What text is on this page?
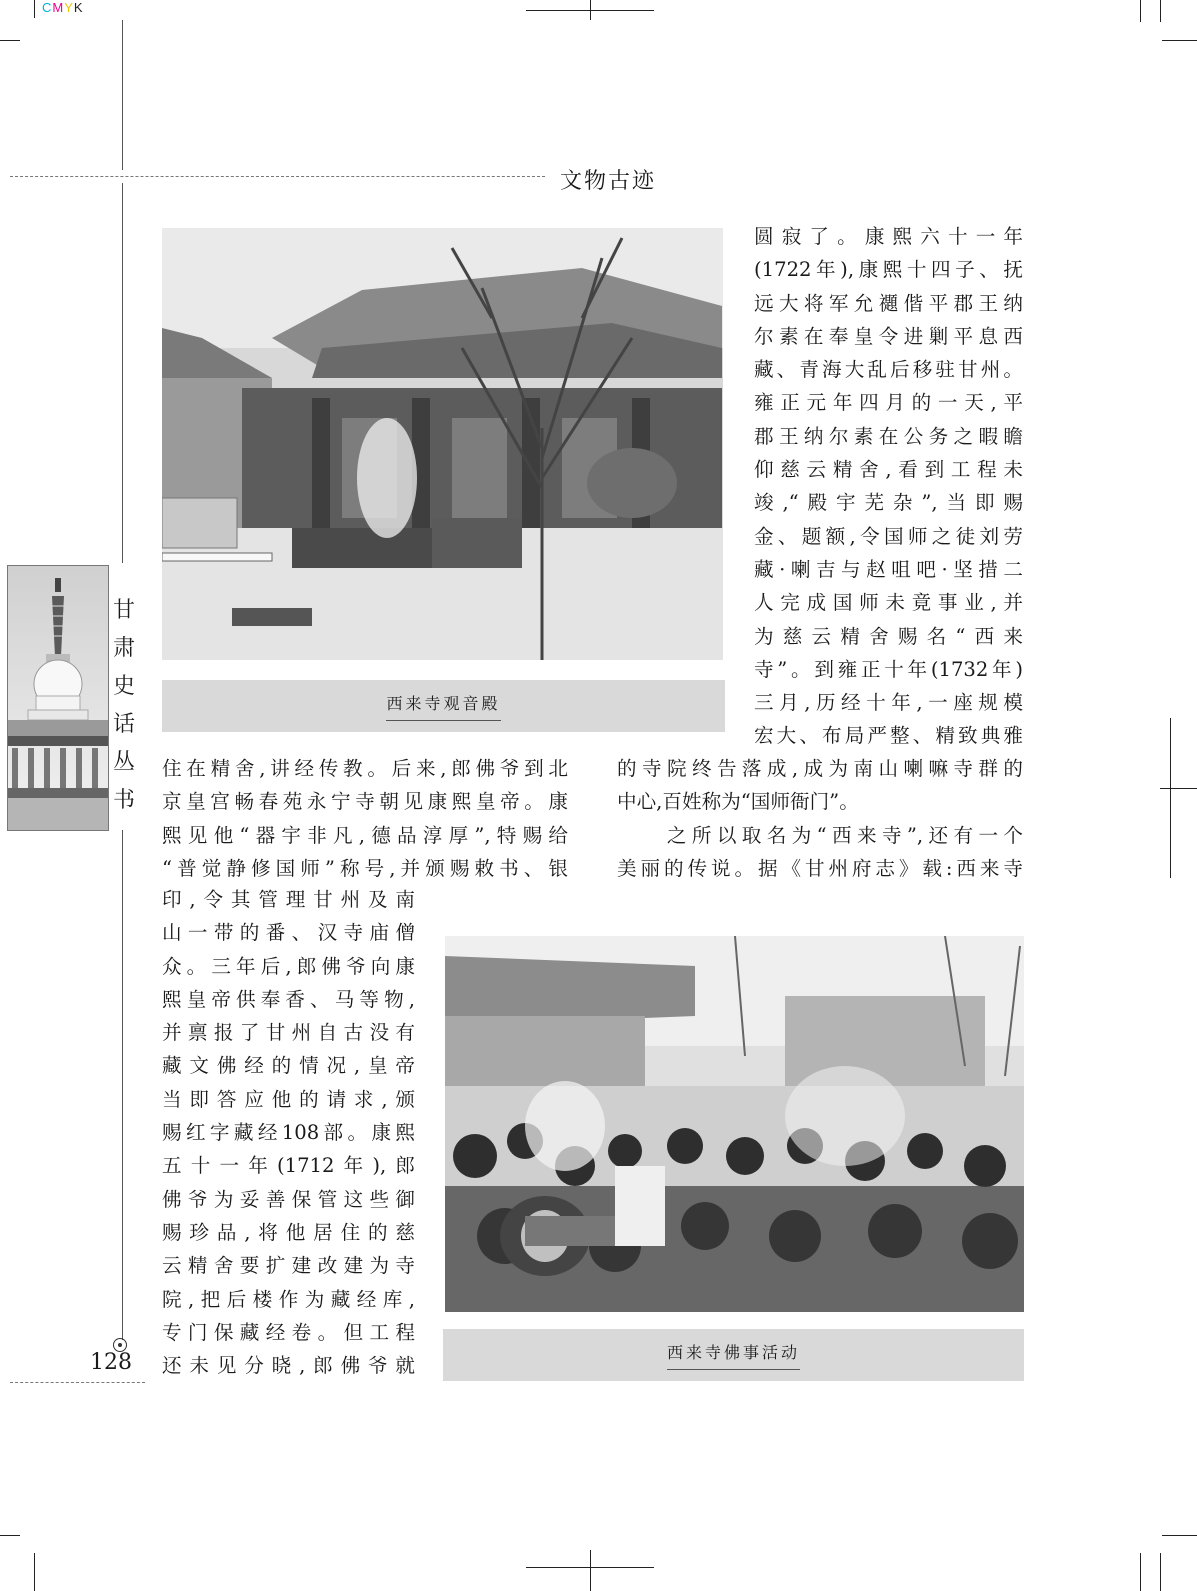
CMYK
文物古迹
甘
肃
史
话
丛
书
128
西来寺观音殿
西来寺佛事活动
圆寂了。康熙六十一年
(1722年),康熙十四子、抚
远大将军允禵偕平郡王纳
尔素在奉皇令进剿平息西
藏、青海大乱后移驻甘州。
雍正元年四月的一天,平
郡王纳尔素在公务之暇瞻
仰慈云精舍,看到工程未
竣,“殿宇芜杂”,当即赐
金、题额,令国师之徒刘劳
藏·喇吉与赵咀吧·坚措二
人完成国师未竟事业,并
为慈云精舍赐名“西来
寺”。到雍正十年(1732年)
三月,历经十年,一座规模
宏大、布局严整、精致典雅
住在精舍,讲经传教。后来,郎佛爷到北
京皇宫畅春苑永宁寺朝见康熙皇帝。康
熙见他“器宇非凡,德品淳厚”,特赐给
“普觉静修国师”称号,并颁赐敕书、银
的寺院终告落成,成为南山喇嘛寺群的
中心,百姓称为“国师衙门”。
　　之所以取名为“西来寺”,还有一个
美丽的传说。据《甘州府志》载:西来寺
印,令其管理甘州及南
山一带的番、汉寺庙僧
众。三年后,郎佛爷向康
熙皇帝供奉香、马等物,
并禀报了甘州自古没有
藏文佛经的情况,皇帝
当即答应他的请求,颁
赐红字藏经108部。康熙
五十一年(1712年),郎
佛爷为妥善保管这些御
赐珍品,将他居住的慈
云精舍要扩建改建为寺
院,把后楼作为藏经库,
专门保藏经卷。但工程
还未见分晓,郎佛爷就
